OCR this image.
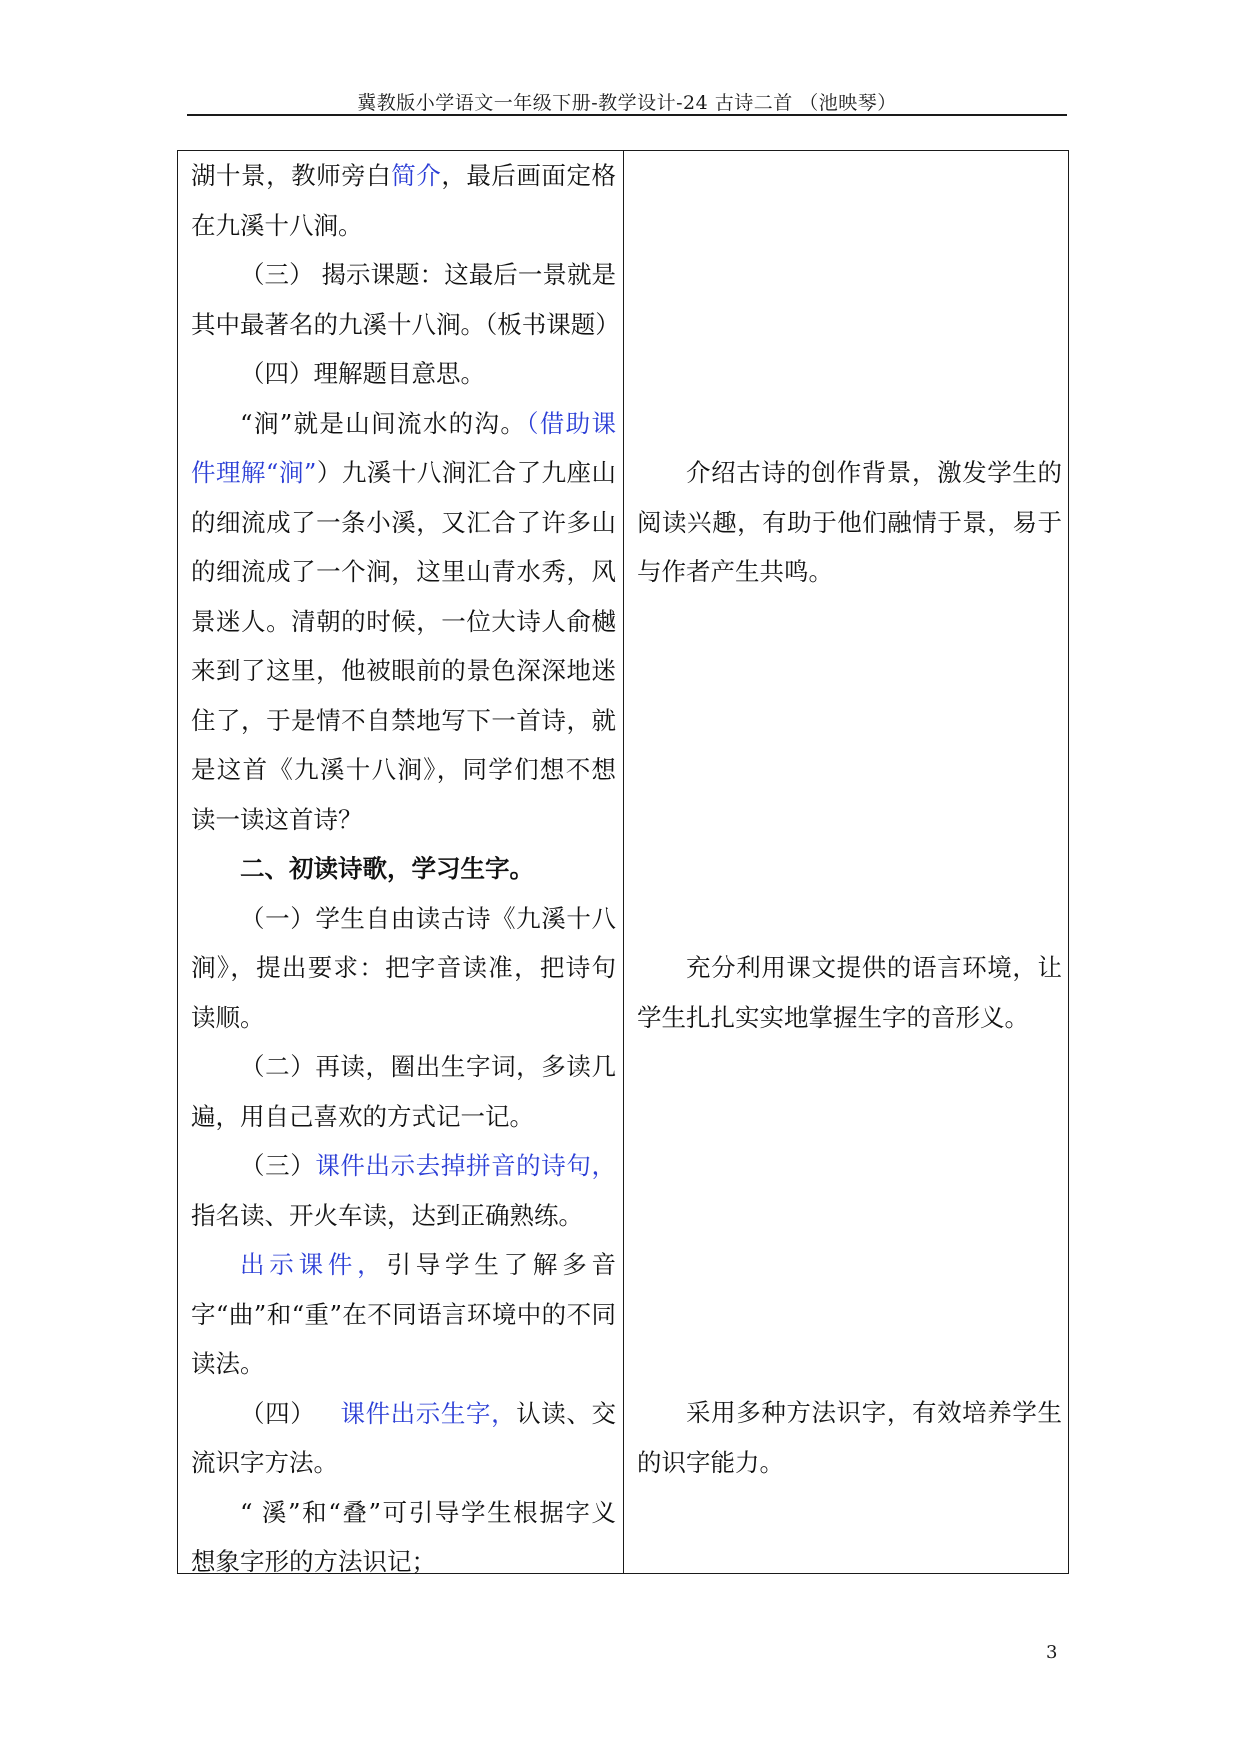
冀教版小学语文一年级下册-教学设计-24 古诗二首 （池映琴）

湖十景，教师旁白简介，最后画面定格在九溪十八涧。

（三） 揭示课题：这最后一景就是其中最著名的九溪十八涧。（板书课题）

（四）理解题目意思。

“涧”就是山间流水的沟。（借助课件理解“涧”）九溪十八涧汇合了九座山的细流成了一条小溪，又汇合了许多山的细流成了一个涧，这里山青水秀，风景迷人。清朝的时候，一位大诗人俞樾来到了这里，他被眼前的景色深深地迷住了，于是情不自禁地写下一首诗，就是这首《九溪十八涧》，同学们想不想读一读这首诗？

二、初读诗歌，学习生字。

（一）学生自由读古诗《九溪十八涧》，提出要求：把字音读准，把诗句读顺。

（二）再读，圈出生字词，多读几遍，用自己喜欢的方式记一记。

（三）课件出示去掉拼音的诗句，指名读、开火车读，达到正确熟练。

出示课件，引导学生了解多音字“曲”和“重”在不同语言环境中的不同读法。

（四）   课件出示生字，认读、交流识字方法。

“ 溪”和“叠”可引导学生根据字义想象字形的方法识记；

介绍古诗的创作背景，激发学生的阅读兴趣，有助于他们融情于景，易于与作者产生共鸣。

充分利用课文提供的语言环境，让学生扎扎实实地掌握生字的音形义。

采用多种方法识字，有效培养学生的识字能力。

3
